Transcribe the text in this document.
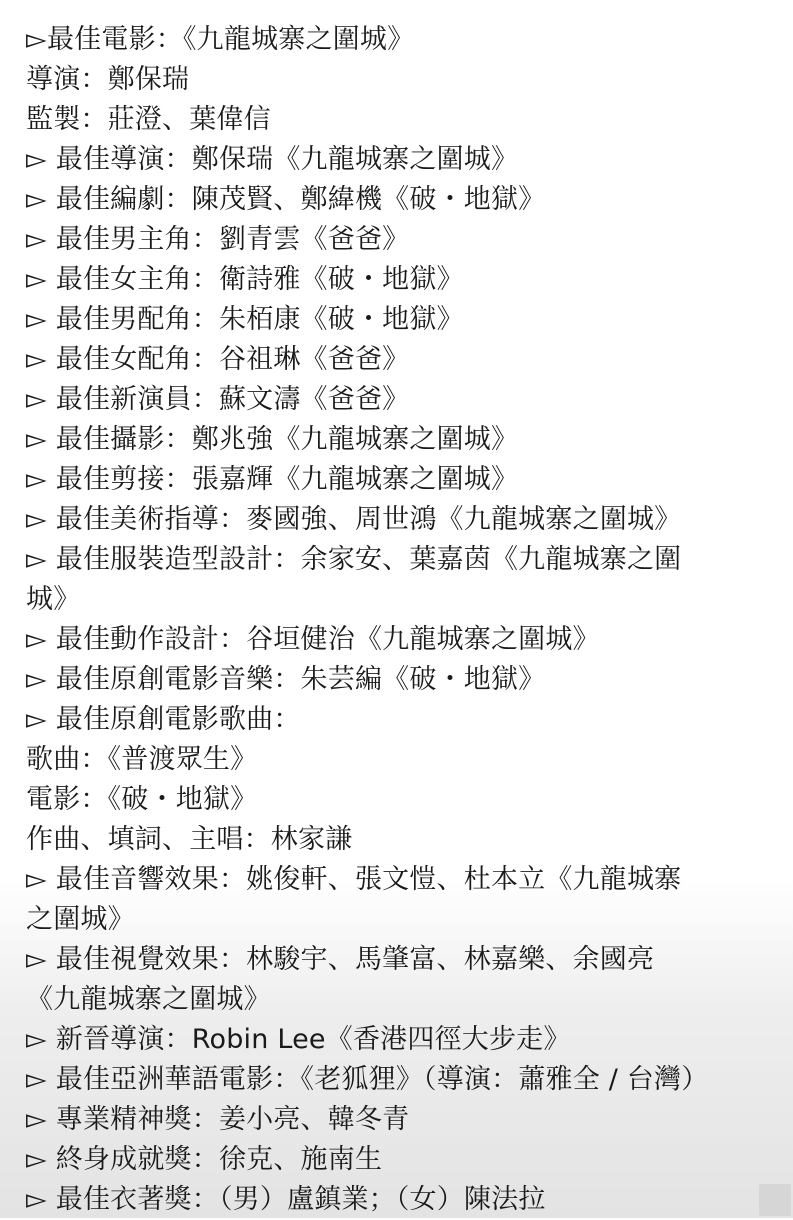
▻最佳電影：《九龍城寨之圍城》
導演：鄭保瑞
監製：莊澄、葉偉信
▻ 最佳導演：鄭保瑞《九龍城寨之圍城》
▻ 最佳編劇：陳茂賢、鄭緯機《破・地獄》
▻ 最佳男主角：劉青雲《爸爸》
▻ 最佳女主角：衛詩雅《破・地獄》
▻ 最佳男配角：朱栢康《破・地獄》
▻ 最佳女配角：谷祖琳《爸爸》
▻ 最佳新演員：蘇文濤《爸爸》
▻ 最佳攝影：鄭兆強《九龍城寨之圍城》
▻ 最佳剪接：張嘉輝《九龍城寨之圍城》
▻ 最佳美術指導：麥國強、周世鴻《九龍城寨之圍城》
▻ 最佳服裝造型設計：余家安、葉嘉茵《九龍城寨之圍
城》
▻ 最佳動作設計：谷垣健治《九龍城寨之圍城》
▻ 最佳原創電影音樂：朱芸編《破・地獄》
▻ 最佳原創電影歌曲：
歌曲：《普渡眾生》
電影：《破・地獄》
作曲、填詞、主唱：林家謙
▻ 最佳音響效果：姚俊軒、張文愷、杜本立《九龍城寨
之圍城》
▻ 最佳視覺效果：林駿宇、馬肇富、林嘉樂、余國亮
《九龍城寨之圍城》
▻ 新晉導演：Robin Lee《香港四徑大步走》
▻ 最佳亞洲華語電影：《老狐狸》（導演：蕭雅全 / 台灣）
▻ 專業精神獎：姜小亮、韓冬青
▻ 終身成就獎：徐克、施南生
▻ 最佳衣著獎：（男）盧鎮業；（女）陳法拉
